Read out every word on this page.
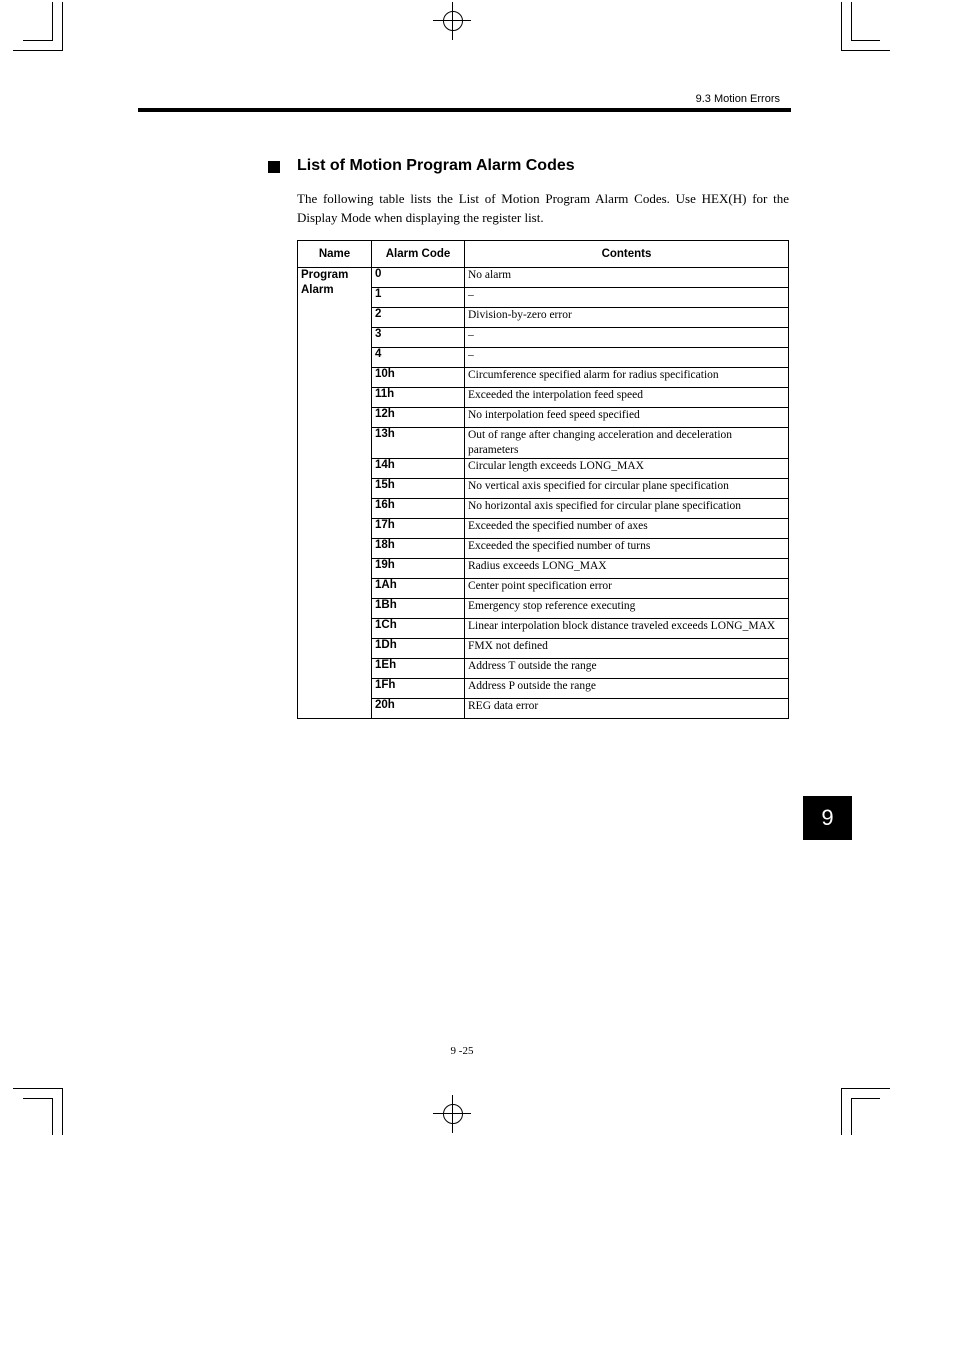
9.3 Motion Errors
List of Motion Program Alarm Codes
The following table lists the List of Motion Program Alarm Codes. Use HEX(H) for the Display Mode when displaying the register list.
Name	Alarm Code	Contents
Program Alarm	0	No alarm
	1	–
	2	Division-by-zero error
	3	–
	4	–
	10h	Circumference specified alarm for radius specification
	11h	Exceeded the interpolation feed speed
	12h	No interpolation feed speed specified
	13h	Out of range after changing acceleration and deceleration parameters
	14h	Circular length exceeds LONG_MAX
	15h	No vertical axis specified for circular plane specification
	16h	No horizontal axis specified for circular plane specification
	17h	Exceeded the specified number of axes
	18h	Exceeded the specified number of turns
	19h	Radius exceeds LONG_MAX
	1Ah	Center point specification error
	1Bh	Emergency stop reference executing
	1Ch	Linear interpolation block distance traveled exceeds LONG_MAX
	1Dh	FMX not defined
	1Eh	Address T outside the range
	1Fh	Address P outside the range
	20h	REG data error
9 -25
9
